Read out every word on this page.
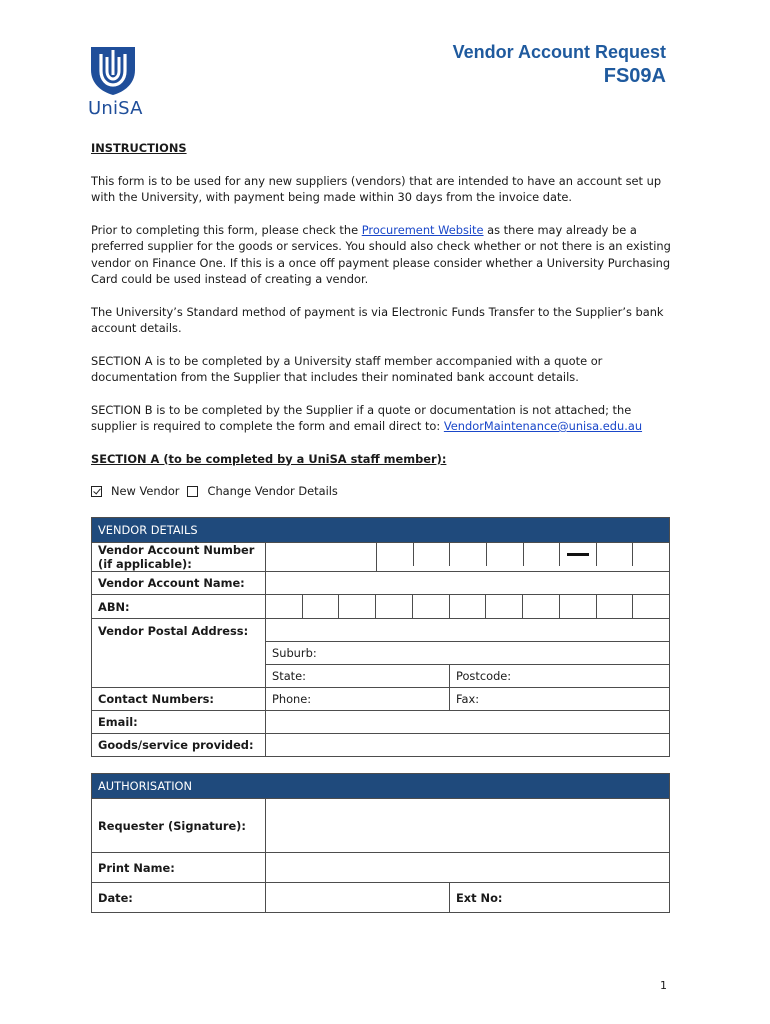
UniSA
Vendor Account Request
FS09A

INSTRUCTIONS

This form is to be used for any new suppliers (vendors) that are intended to have an account set up with the University, with payment being made within 30 days from the invoice date.

Prior to completing this form, please check the Procurement Website as there may already be a preferred supplier for the goods or services. You should also check whether or not there is an existing vendor on Finance One. If this is a once off payment please consider whether a University Purchasing Card could be used instead of creating a vendor.

The University’s Standard method of payment is via Electronic Funds Transfer to the Supplier’s bank account details.

SECTION A is to be completed by a University staff member accompanied with a quote or documentation from the Supplier that includes their nominated bank account details.

SECTION B is to be completed by the Supplier if a quote or documentation is not attached; the supplier is required to complete the form and email direct to: VendorMaintenance@unisa.edu.au

SECTION A (to be completed by a UniSA staff member):

New Vendor Change Vendor Details
VENDOR DETAILS		
Vendor Account Number (if applicable):		

Vendor Account Name:		
ABN:		

Vendor Postal Address:		
	Suburb:	
	State:	Postcode:
Contact Numbers:	Phone:	Fax:
Email:		
Goods/service provided:		
AUTHORISATION		
Requester (Signature):		
Print Name:		
Date:		Ext No:
1
